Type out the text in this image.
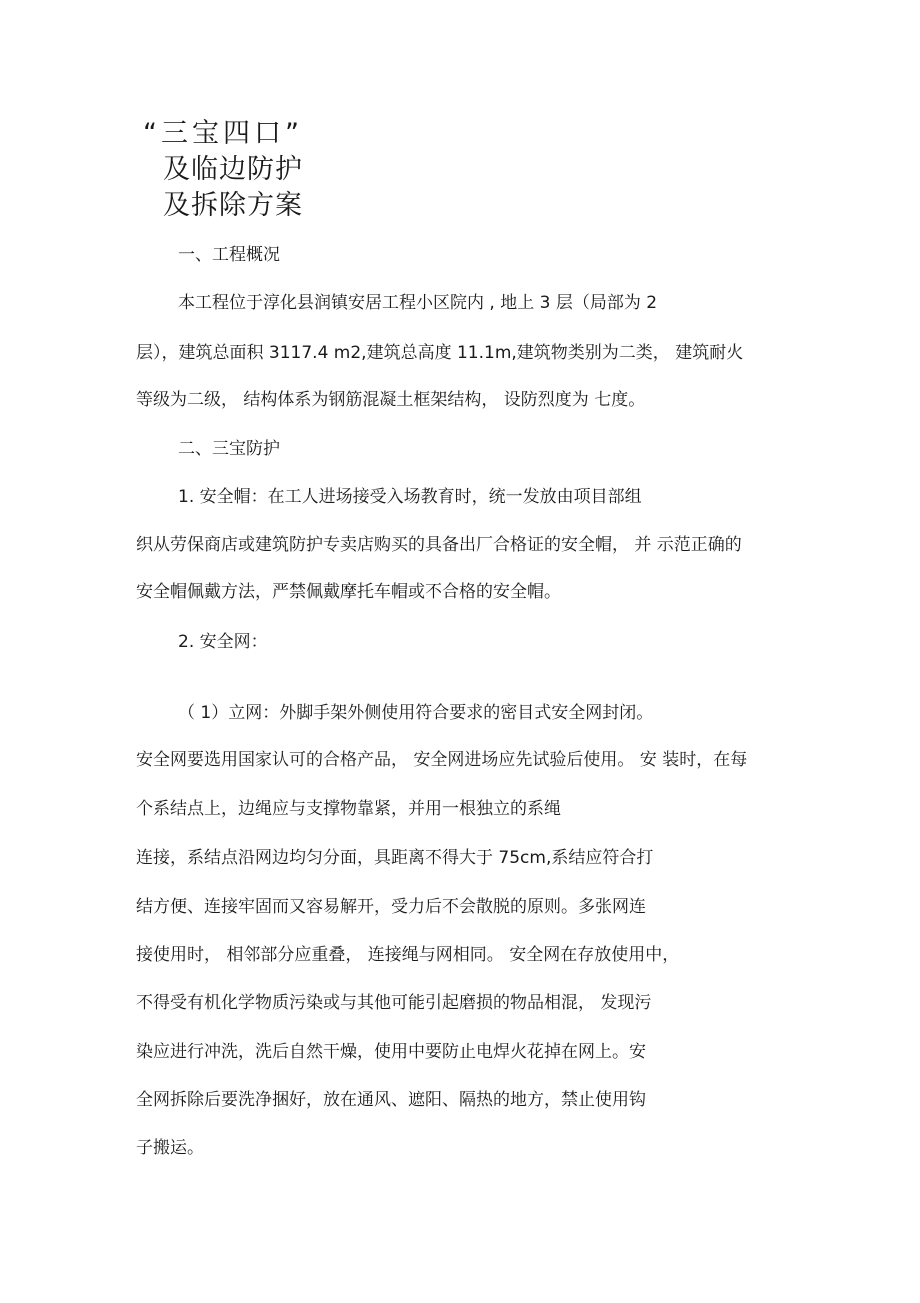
“三宝四口”
及临边防护
及拆除方案
一、工程概况
本工程位于淳化县润镇安居工程小区院内 , 地上 3 层（局部为 2
层），建筑总面积 3117.4 m2,建筑总高度 11.1m,建筑物类别为二类， 建筑耐火
等级为二级， 结构体系为钢筋混凝土框架结构， 设防烈度为 七度。
二、三宝防护
1. 安全帽：在工人进场接受入场教育时，统一发放由项目部组
织从劳保商店或建筑防护专卖店购买的具备出厂合格证的安全帽， 并 示范正确的
安全帽佩戴方法，严禁佩戴摩托车帽或不合格的安全帽。
2. 安全网：
（ 1）立网：外脚手架外侧使用符合要求的密目式安全网封闭。
安全网要选用国家认可的合格产品， 安全网进场应先试验后使用。 安 装时，在每
个系结点上，边绳应与支撑物靠紧，并用一根独立的系绳
连接，系结点沿网边均匀分面，具距离不得大于 75cm,系结应符合打
结方便、连接牢固而又容易解开，受力后不会散脱的原则。多张网连
接使用时， 相邻部分应重叠， 连接绳与网相同。 安全网在存放使用中，
不得受有机化学物质污染或与其他可能引起磨损的物品相混， 发现污
染应进行冲洗，洗后自然干燥，使用中要防止电焊火花掉在网上。安
全网拆除后要洗净捆好，放在通风、遮阳、隔热的地方，禁止使用钩
子搬运。
